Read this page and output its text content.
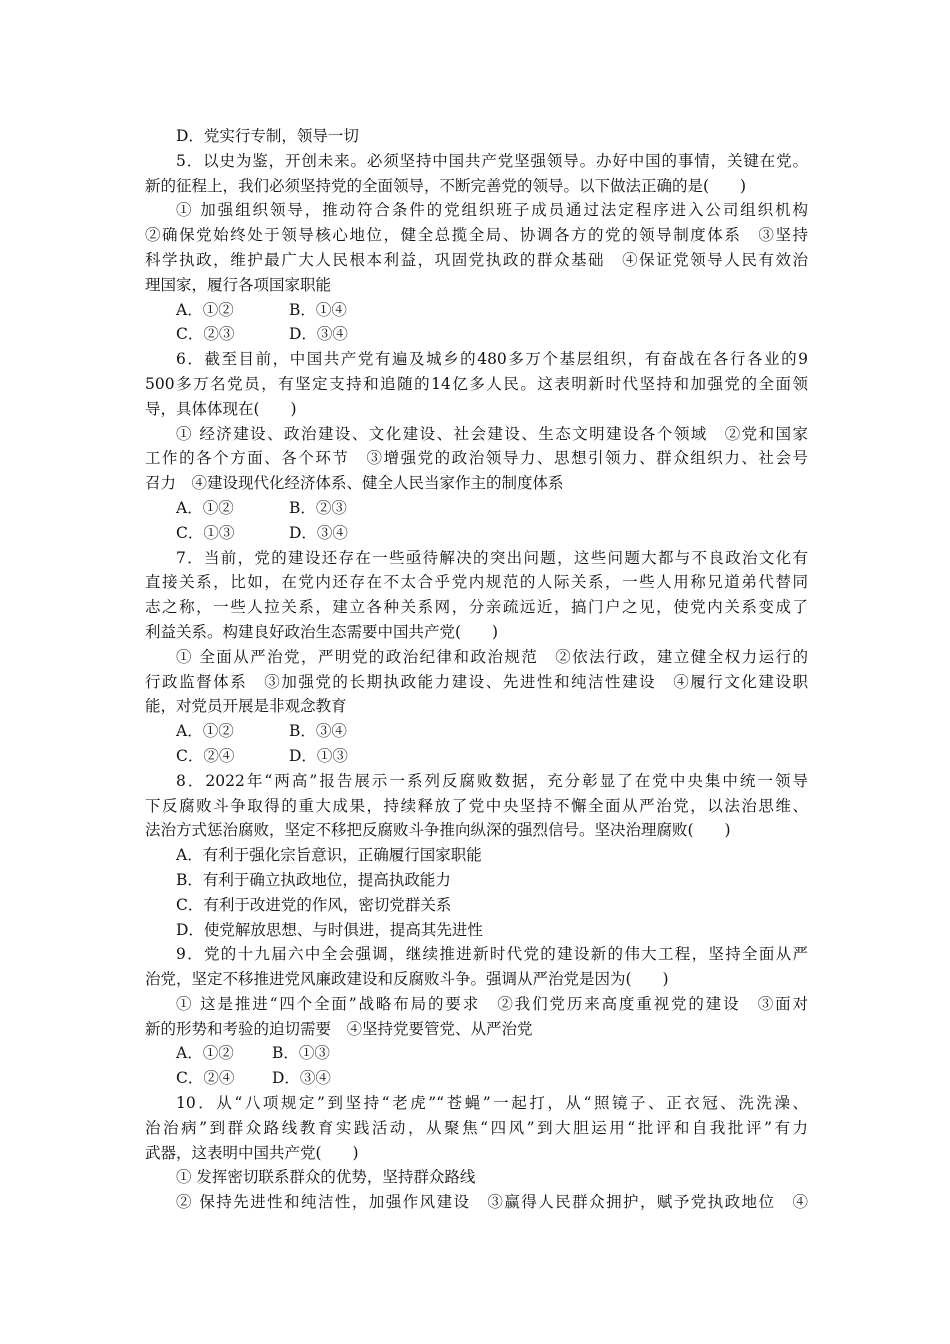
D．党实行专制，领导一切
5．以史为鉴，开创未来。必须坚持中国共产党坚强领导。办好中国的事情，关键在党。
新的征程上，我们必须坚持党的全面领导，不断完善党的领导。以下做法正确的是(　　)
① 加强组织领导，推动符合条件的党组织班子成员通过法定程序进入公司组织机构
②确保党始终处于领导核心地位，健全总揽全局、协调各方的党的领导制度体系　③坚持
科学执政，维护最广大人民根本利益，巩固党执政的群众基础　④保证党领导人民有效治
理国家，履行各项国家职能
A．①②	B．①④
C．②③	D．③④
6．截至目前，中国共产党有遍及城乡的480多万个基层组织，有奋战在各行各业的9
500多万名党员，有坚定支持和追随的14亿多人民。这表明新时代坚持和加强党的全面领
导，具体体现在(　　)
① 经济建设、政治建设、文化建设、社会建设、生态文明建设各个领域　②党和国家
工作的各个方面、各个环节　③增强党的政治领导力、思想引领力、群众组织力、社会号
召力　④建设现代化经济体系、健全人民当家作主的制度体系
A．①②	B．②③
C．①③	D．③④
7．当前，党的建设还存在一些亟待解决的突出问题，这些问题大都与不良政治文化有
直接关系，比如，在党内还存在不太合乎党内规范的人际关系，一些人用称兄道弟代替同
志之称，一些人拉关系，建立各种关系网，分亲疏远近，搞门户之见，使党内关系变成了
利益关系。构建良好政治生态需要中国共产党(　　)
① 全面从严治党，严明党的政治纪律和政治规范　②依法行政，建立健全权力运行的
行政监督体系　③加强党的长期执政能力建设、先进性和纯洁性建设　④履行文化建设职
能，对党员开展是非观念教育
A．①②	B．③④
C．②④	D．①③
8．2022年“两高”报告展示一系列反腐败数据，充分彰显了在党中央集中统一领导
下反腐败斗争取得的重大成果，持续释放了党中央坚持不懈全面从严治党，以法治思维、
法治方式惩治腐败，坚定不移把反腐败斗争推向纵深的强烈信号。坚决治理腐败(　　)
A．有利于强化宗旨意识，正确履行国家职能
B．有利于确立执政地位，提高执政能力
C．有利于改进党的作风，密切党群关系
D．使党解放思想、与时俱进，提高其先进性
9．党的十九届六中全会强调，继续推进新时代党的建设新的伟大工程，坚持全面从严
治党，坚定不移推进党风廉政建设和反腐败斗争。强调从严治党是因为(　　)
① 这是推进“四个全面”战略布局的要求　②我们党历来高度重视党的建设　③面对
新的形势和考验的迫切需要　④坚持党要管党、从严治党
A．①② B．①③
C．②④ D．③④
10．从“八项规定”到坚持“老虎”“苍蝇”一起打，从“照镜子、正衣冠、洗洗澡、
治治病”到群众路线教育实践活动，从聚焦“四风”到大胆运用“批评和自我批评”有力
武器，这表明中国共产党(　　)
① 发挥密切联系群众的优势，坚持群众路线
② 保持先进性和纯洁性，加强作风建设　③赢得人民群众拥护，赋予党执政地位　④
